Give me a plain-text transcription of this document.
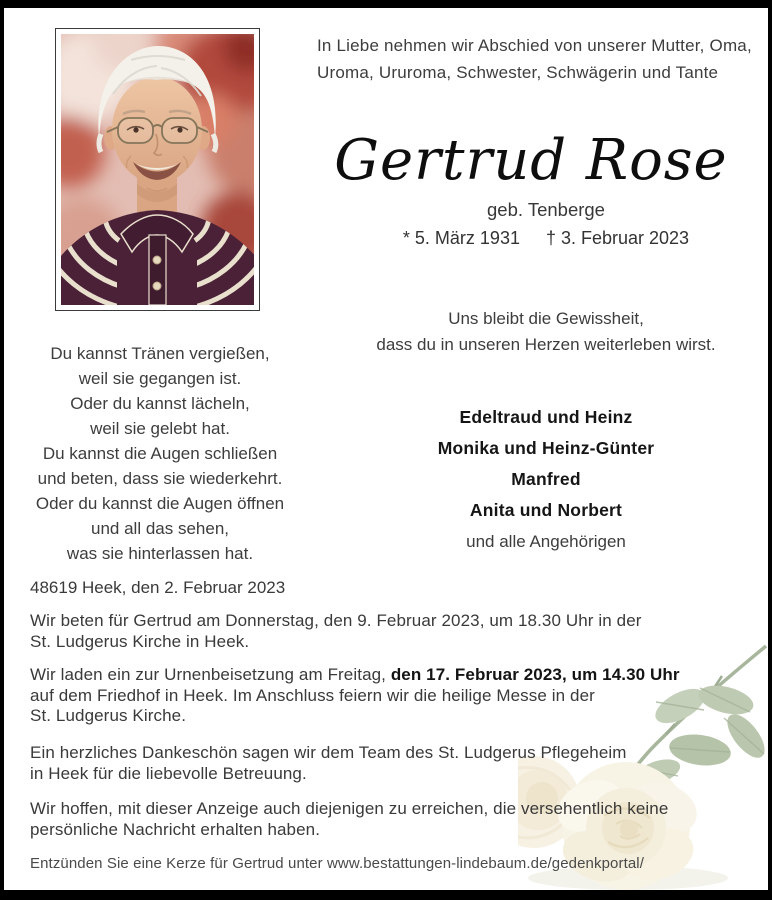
In Liebe nehmen wir Abschied von unserer Mutter, Oma,
Uroma, Ururoma, Schwester, Schwägerin und Tante
Gertrud Rose
geb. Tenberge
* 5. März 1931 † 3. Februar 2023
Uns bleibt die Gewissheit,
dass du in unseren Herzen weiterleben wirst.
Edeltraud und Heinz
Monika und Heinz-Günter
Manfred
Anita und Norbert
und alle Angehörigen
Du kannst Tränen vergießen,
weil sie gegangen ist.
Oder du kannst lächeln,
weil sie gelebt hat.
Du kannst die Augen schließen
und beten, dass sie wiederkehrt.
Oder du kannst die Augen öffnen
und all das sehen,
was sie hinterlassen hat.
48619 Heek, den 2. Februar 2023
Wir beten für Gertrud am Donnerstag, den 9. Februar 2023, um 18.30 Uhr in der
St. Ludgerus Kirche in Heek.
Wir laden ein zur Urnenbeisetzung am Freitag, den 17. Februar 2023, um 14.30 Uhr
auf dem Friedhof in Heek. Im Anschluss feiern wir die heilige Messe in der
St. Ludgerus Kirche.
Ein herzliches Dankeschön sagen wir dem Team des St. Ludgerus Pflegeheim
in Heek für die liebevolle Betreuung.
Wir hoffen, mit dieser Anzeige auch diejenigen zu erreichen, die versehentlich keine
persönliche Nachricht erhalten haben.
Entzünden Sie eine Kerze für Gertrud unter www.bestattungen-lindebaum.de/gedenkportal/
